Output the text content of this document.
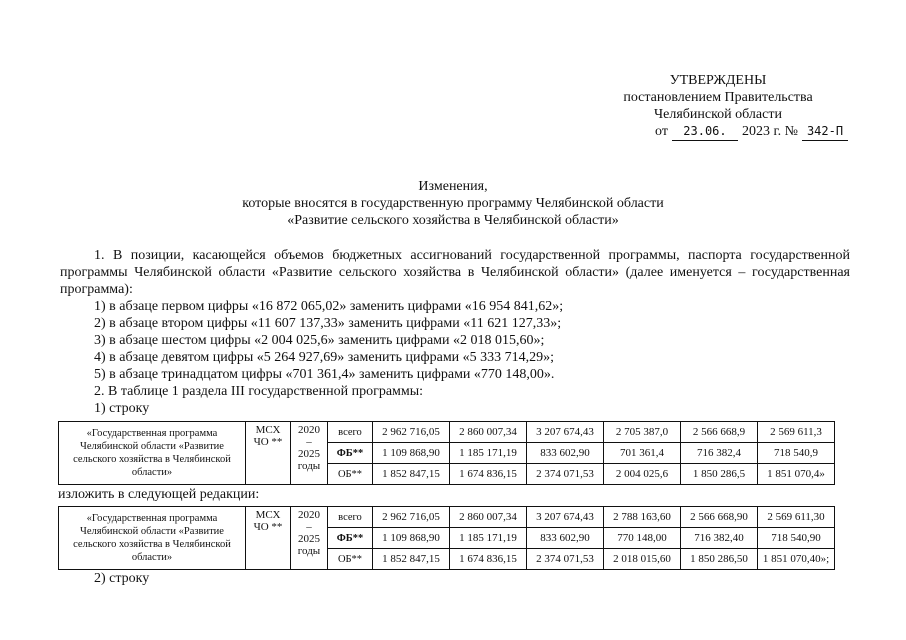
УТВЕРЖДЕНЫ
постановлением Правительства
Челябинской области
от	23.06.	2023 г. № 342-П
Изменения,
которые вносятся в государственную программу Челябинской области
«Развитие сельского хозяйства в Челябинской области»

1. В позиции, касающейся объемов бюджетных ассигнований государственной программы, паспорта государственной программы Челябинской области «Развитие сельского хозяйства в Челябинской области» (далее именуется – государственная программа):

1) в абзаце первом цифры «16 872 065,02» заменить цифрами «16 954 841,62»;

2) в абзаце втором цифры «11 607 137,33» заменить цифрами «11 621 127,33»;

3) в абзаце шестом цифры «2 004 025,6» заменить цифрами «2 018 015,60»;

4) в абзаце девятом цифры «5 264 927,69» заменить цифрами «5 333 714,29»;

5) в абзаце тринадцатом цифры «701 361,4» заменить цифрами «770 148,00».

2. В таблице 1 раздела III государственной программы:

1) строку

«Государственная программа Челябинской области «Развитие сельского хозяйства в Челябинской области»	МСХ ЧО **	2020 – 2025 годы	всего	2 962 716,05	2 860 007,34	3 207 674,43	2 705 387,0	2 566 668,9	2 569 611,3
			ФБ**	1 109 868,90	1 185 171,19	833 602,90	701 361,4	716 382,4	718 540,9
			ОБ**	1 852 847,15	1 674 836,15	2 374 071,53	2 004 025,6	1 850 286,5	1 851 070,4»
изложить в следующей редакции:
«Государственная программа Челябинской области «Развитие сельского хозяйства в Челябинской области»	МСХ ЧО **	2020 – 2025 годы	всего	2 962 716,05	2 860 007,34	3 207 674,43	2 788 163,60	2 566 668,90	2 569 611,30
			ФБ**	1 109 868,90	1 185 171,19	833 602,90	770 148,00	716 382,40	718 540,90
			ОБ**	1 852 847,15	1 674 836,15	2 374 071,53	2 018 015,60	1 850 286,50	1 851 070,40»;
2) строку
